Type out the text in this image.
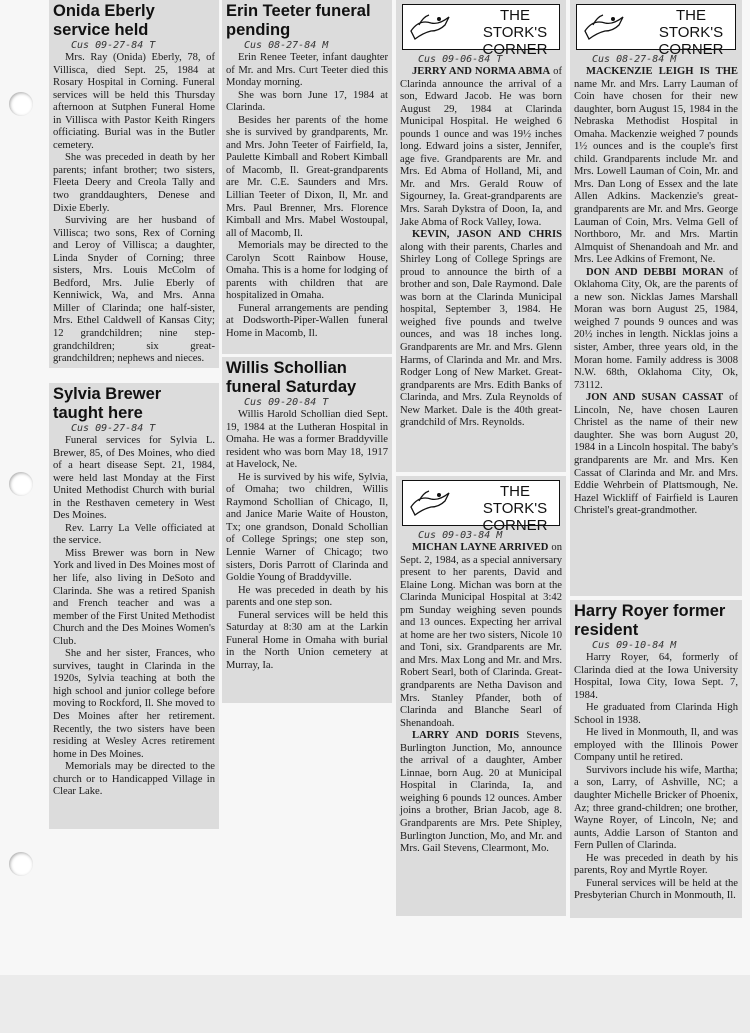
Onida Eberly service held
Cus 09-27-84 T

Mrs. Ray (Onida) Eberly, 78, of Villisca, died Sept. 25, 1984 at Rosary Hospital in Corning. Funeral services will be held this Thursday afternoon at Sutphen Funeral Home in Villisca with Pastor Keith Ringers officiating. Burial was in the Butler cemetery.

She was preceded in death by her parents; infant brother; two sisters, Fleeta Deery and Creola Tally and two granddaughters, Denese and Dixie Eberly.

Surviving are her husband of Villisca; two sons, Rex of Corning and Leroy of Villisca; a daughter, Linda Snyder of Corning; three sisters, Mrs. Louis McColm of Bedford, Mrs. Julie Eberly of Kenniwick, Wa, and Mrs. Anna Miller of Clarinda; one half-sister, Mrs. Ethel Caldwell of Kansas City; 12 grandchildren; nine step-grandchildren; six great-grandchildren; nephews and nieces.

Sylvia Brewer taught here
Cus 09-27-84 T

Funeral services for Sylvia L. Brewer, 85, of Des Moines, who died of a heart disease Sept. 21, 1984, were held last Monday at the First United Methodist Church with burial in the Resthaven cemetery in West Des Moines.

Rev. Larry La Velle officiated at the service.

Miss Brewer was born in New York and lived in Des Moines most of her life, also living in DeSoto and Clarinda. She was a retired Spanish and French teacher and was a member of the First United Methodist Church and the Des Moines Women's Club.

She and her sister, Frances, who survives, taught in Clarinda in the 1920s, Sylvia teaching at both the high school and junior college before moving to Rockford, Il. She moved to Des Moines after her retirement. Recently, the two sisters have been residing at Wesley Acres retirement home in Des Moines.

Memorials may be directed to the church or to Handicapped Village in Clear Lake.

Erin Teeter funeral pending
Cus 08-27-84 M

Erin Renee Teeter, infant daughter of Mr. and Mrs. Curt Teeter died this Monday morning.

She was born June 17, 1984 at Clarinda.

Besides her parents of the home she is survived by grandparents, Mr. and Mrs. John Teeter of Fairfield, Ia, Paulette Kimball and Robert Kimball of Macomb, Il. Great-grandparents are Mr. C.E. Saunders and Mrs. Lillian Teeter of Dixon, Il, Mr. and Mrs. Paul Brenner, Mrs. Florence Kimball and Mrs. Mabel Wostoupal, all of Macomb, Il.

Memorials may be directed to the Carolyn Scott Rainbow House, Omaha. This is a home for lodging of parents with children that are hospitalized in Omaha.

Funeral arrangements are pending at Dodsworth-Piper-Wallen funeral Home in Macomb, Il.

Willis Schollian funeral Saturday
Cus 09-20-84 T

Willis Harold Schollian died Sept. 19, 1984 at the Lutheran Hospital in Omaha. He was a former Braddyville resident who was born May 18, 1917 at Havelock, Ne.

He is survived by his wife, Sylvia, of Omaha; two children, Willis Raymond Schollian of Chicago, Il, and Janice Marie Waite of Houston, Tx; one grandson, Donald Schollian of College Springs; one step son, Lennie Warner of Chicago; two sisters, Doris Parrott of Clarinda and Goldie Young of Braddyville.

He was preceded in death by his parents and one step son.

Funeral services will be held this Saturday at 8:30 am at the Larkin Funeral Home in Omaha with burial in the North Union cemetery at Murray, Ia.

THE
STORK'S
CORNER
Cus 09-06-84 T

JERRY AND NORMA ABMA of Clarinda announce the arrival of a son, Edward Jacob. He was born August 29, 1984 at Clarinda Municipal Hospital. He weighed 6 pounds 1 ounce and was 19½ inches long. Edward joins a sister, Jennifer, age five. Grandparents are Mr. and Mrs. Ed Abma of Holland, Mi, and Mr. and Mrs. Gerald Rouw of Sigourney, Ia. Great-grandparents are Mrs. Sarah Dykstra of Doon, Ia, and Jake Abma of Rock Valley, Iowa.

KEVIN, JASON AND CHRIS along with their parents, Charles and Shirley Long of College Springs are proud to announce the birth of a brother and son, Dale Raymond. Dale was born at the Clarinda Municipal hospital, September 3, 1984. He weighed five pounds and twelve ounces, and was 18 inches long. Grandparents are Mr. and Mrs. Glenn Harms, of Clarinda and Mr. and Mrs. Rodger Long of New Market. Great-grandparents are Mrs. Edith Banks of Clarinda, and Mrs. Zula Reynolds of New Market. Dale is the 40th great-grandchild of Mrs. Reynolds.

THE
STORK'S
CORNER
Cus 09-03-84 M

MICHAN LAYNE ARRIVED on Sept. 2, 1984, as a special anniversary present to her parents, David and Elaine Long. Michan was born at the Clarinda Municipal Hospital at 3:42 pm Sunday weighing seven pounds and 13 ounces. Expecting her arrival at home are her two sisters, Nicole 10 and Toni, six. Grandparents are Mr. and Mrs. Max Long and Mr. and Mrs. Robert Searl, both of Clarinda. Great-grandparents are Netha Davison and Mrs. Stanley Pfander, both of Clarinda and Blanche Searl of Shenandoah.

LARRY AND DORIS Stevens, Burlington Junction, Mo, announce the arrival of a daughter, Amber Linnae, born Aug. 20 at Municipal Hospital in Clarinda, Ia, and weighing 6 pounds 12 ounces. Amber joins a brother, Brian Jacob, age 8. Grandparents are Mrs. Pete Shipley, Burlington Junction, Mo, and Mr. and Mrs. Gail Stevens, Clearmont, Mo.

THE
STORK'S
CORNER
Cus 08-27-84 M

MACKENZIE LEIGH IS THE name Mr. and Mrs. Larry Lauman of Coin have chosen for their new daughter, born August 15, 1984 in the Nebraska Methodist Hospital in Omaha. Mackenzie weighed 7 pounds 1½ ounces and is the couple's first child. Grandparents include Mr. and Mrs. Lowell Lauman of Coin, Mr. and Mrs. Dan Long of Essex and the late Allen Adkins. Mackenzie's great-grandparents are Mr. and Mrs. George Lauman of Coin, Mrs. Velma Gell of Northboro, Mr. and Mrs. Martin Almquist of Shenandoah and Mr. and Mrs. Lee Adkins of Fremont, Ne.

DON AND DEBBI MORAN of Oklahoma City, Ok, are the parents of a new son. Nicklas James Marshall Moran was born August 25, 1984, weighed 7 pounds 9 ounces and was 20½ inches in length. Nicklas joins a sister, Amber, three years old, in the Moran home. Family address is 3008 N.W. 68th, Oklahoma City, Ok, 73112.

JON AND SUSAN CASSAT of Lincoln, Ne, have chosen Lauren Christel as the name of their new daughter. She was born August 20, 1984 in a Lincoln hospital. The baby's grandparents are Mr. and Mrs. Ken Cassat of Clarinda and Mr. and Mrs. Eddie Wehrbein of Plattsmough, Ne. Hazel Wickliff of Fairfield is Lauren Christel's great-grandmother.

Harry Royer former resident
Cus 09-10-84 M

Harry Royer, 64, formerly of Clarinda died at the Iowa University Hospital, Iowa City, Iowa Sept. 7, 1984.

He graduated from Clarinda High School in 1938.

He lived in Monmouth, Il, and was employed with the Illinois Power Company until he retired.

Survivors include his wife, Martha; a son, Larry, of Ashville, NC; a daughter Michelle Bricker of Phoenix, Az; three grand-children; one brother, Wayne Royer, of Lincoln, Ne; and aunts, Addie Larson of Stanton and Fern Pullen of Clarinda.

He was preceded in death by his parents, Roy and Myrtle Royer.

Funeral services will be held at the Presbyterian Church in Monmouth, Il.
